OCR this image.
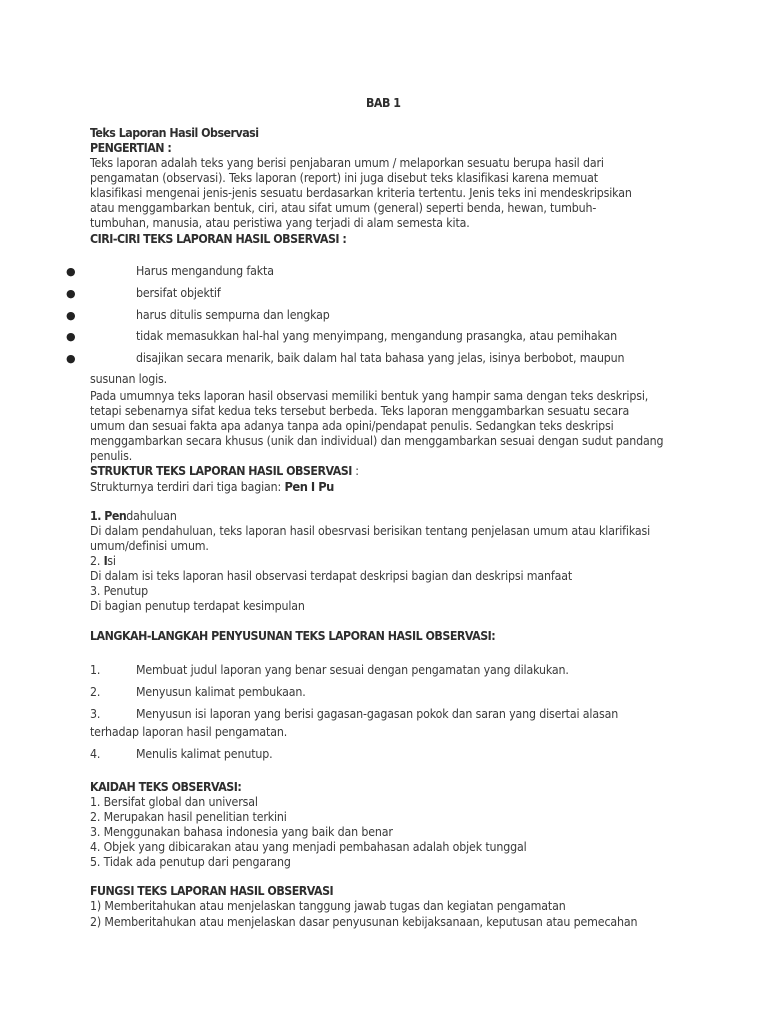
BAB 1
Teks Laporan Hasil Observasi
PENGERTIAN :
Teks laporan adalah teks yang berisi penjabaran umum / melaporkan sesuatu berupa hasil dari
pengamatan (observasi). Teks laporan (report) ini juga disebut teks klasifikasi karena memuat
klasifikasi mengenai jenis-jenis sesuatu berdasarkan kriteria tertentu. Jenis teks ini mendeskripsikan
atau menggambarkan bentuk, ciri, atau sifat umum (general) seperti benda, hewan, tumbuh-
tumbuhan, manusia, atau peristiwa yang terjadi di alam semesta kita.
CIRI-CIRI TEKS LAPORAN HASIL OBSERVASI :
●	Harus mengandung fakta
●	bersifat objektif
●	harus ditulis sempurna dan lengkap
●	tidak memasukkan hal-hal yang menyimpang, mengandung prasangka, atau pemihakan
●	disajikan secara menarik, baik dalam hal tata bahasa yang jelas, isinya berbobot, maupun
susunan logis.
Pada umumnya teks laporan hasil observasi memiliki bentuk yang hampir sama dengan teks deskripsi,
tetapi sebenarnya sifat kedua teks tersebut berbeda. Teks laporan menggambarkan sesuatu secara
umum dan sesuai fakta apa adanya tanpa ada opini/pendapat penulis. Sedangkan teks deskripsi
menggambarkan secara khusus (unik dan individual) dan menggambarkan sesuai dengan sudut pandang
penulis.
STRUKTUR TEKS LAPORAN HASIL OBSERVASI :
Strukturnya terdiri dari tiga bagian: Pen I Pu
1. Pendahuluan
Di dalam pendahuluan, teks laporan hasil obesrvasi berisikan tentang penjelasan umum atau klarifikasi
umum/definisi umum.
2. Isi
Di dalam isi teks laporan hasil observasi terdapat deskripsi bagian dan deskripsi manfaat
3. Penutup
Di bagian penutup terdapat kesimpulan
LANGKAH-LANGKAH PENYUSUNAN TEKS LAPORAN HASIL OBSERVASI:
1.	Membuat judul laporan yang benar sesuai dengan pengamatan yang dilakukan.
2.	Menyusun kalimat pembukaan.
3.	Menyusun isi laporan yang berisi gagasan-gagasan pokok dan saran yang disertai alasan
terhadap laporan hasil pengamatan.
4.	Menulis kalimat penutup.
KAIDAH TEKS OBSERVASI:
1. Bersifat global dan universal
2. Merupakan hasil penelitian terkini
3. Menggunakan bahasa indonesia yang baik dan benar
4. Objek yang dibicarakan atau yang menjadi pembahasan adalah objek tunggal
5. Tidak ada penutup dari pengarang
FUNGSI TEKS LAPORAN HASIL OBSERVASI
1) Memberitahukan atau menjelaskan tanggung jawab tugas dan kegiatan pengamatan
2) Memberitahukan atau menjelaskan dasar penyusunan kebijaksanaan, keputusan atau pemecahan
